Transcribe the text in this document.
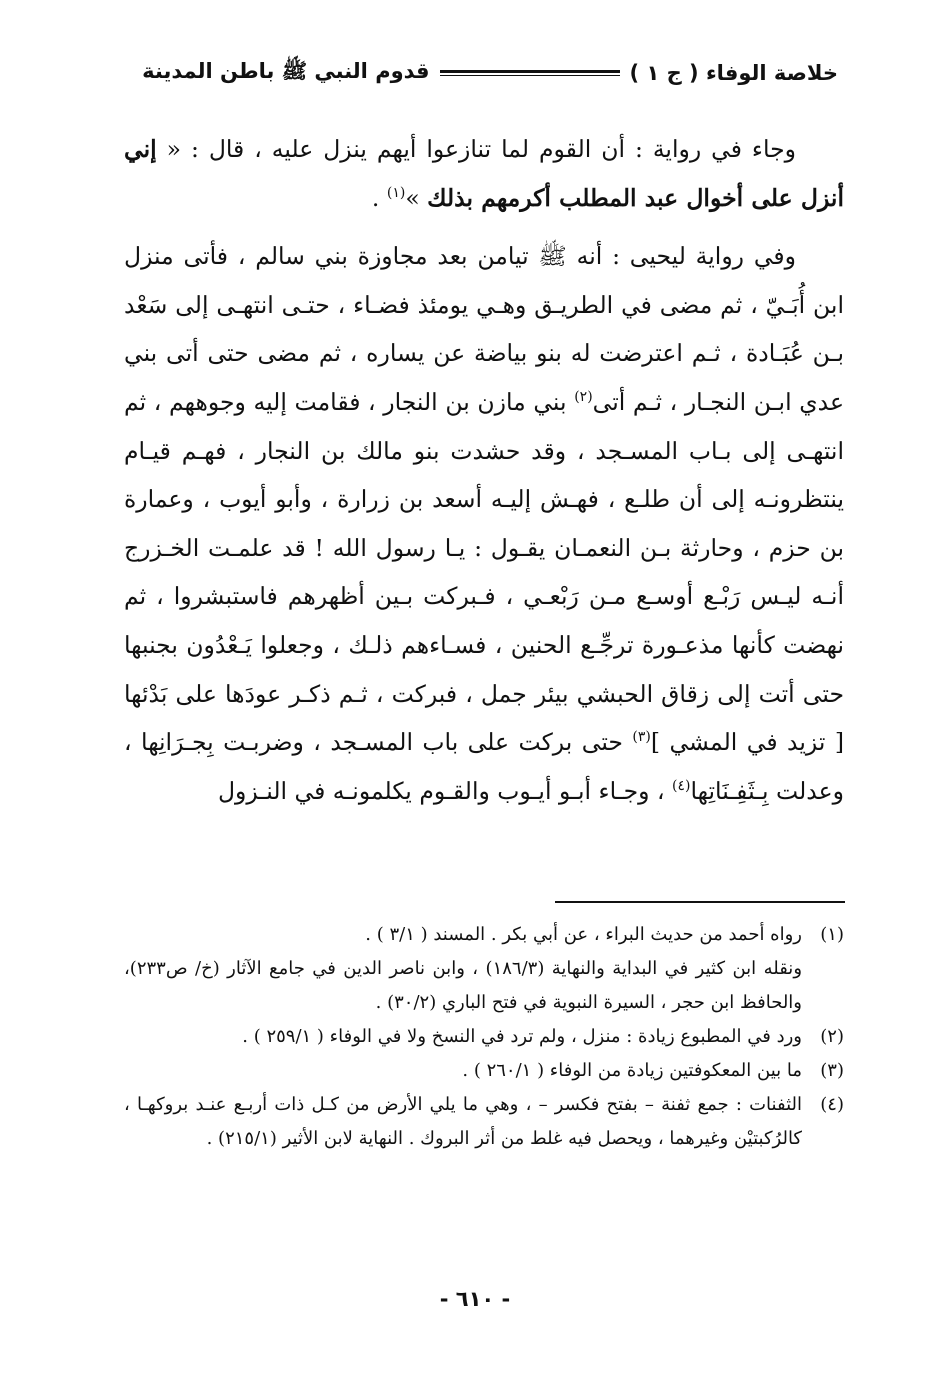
خلاصة الوفاء ( ج ١ )
قدوم النبي ﷺ باطن المدينة

وجاء في رواية : أن القوم لما تنازعوا أيهم ينزل عليه ، قال : « إني أنزل على أخوال عبد المطلب أكرمهم بذلك »$^{(١)}$ .

وفي رواية ليحيى : أنه ﷺ تيامن بعد مجاوزة بني سالم ، فأتى منزل ابن أُبَـيّ ، ثم مضى في الطريـق وهـي يومئذ فضـاء ، حتـى انتهـى إلى سَعْد بـن عُبَـادة ، ثـم اعترضت له بنو بياضة عن يساره ، ثم مضى حتى أتى بني عدي ابـن النجـار ، ثـم أتى$^{(٢)}$ بني مازن بن النجار ، فقامت إليه وجوههم ، ثم انتهـى إلى بـاب المسـجد ، وقد حشدت بنو مالك بن النجار ، فهـم قيـام ينتظرونـه إلى أن طلـع ، فهـش إليـه أسعد بن زرارة ، وأبو أيوب ، وعمارة بن حزم ، وحارثة بـن النعمـان يقـول : يـا رسول الله ! قد علمـت الخـزرج أنـه ليـس رَبْـع أوسـع مـن رَبْعـي ، فـبركت بـين أظهرهم فاستبشروا ، ثم نهضت كأنها مذعـورة ترجِّـع الحنين ، فسـاءهم ذلـك ، وجعلوا يَـعْدُون بجنبها حتى أتت إلى زقاق الحبشي بيئر جمل ، فبركت ، ثـم ذكـر عودَها على بَدْئها [ تزيد في المشي ]$^{(٣)}$ حتى بركت على باب المسـجد ، وضربـت بِجـرَانِها ، وعدلت بِـثَفِـنَاتِها$^{(٤)}$ ، وجـاء أبـو أيـوب والقـوم يكلمونـه في النـزول

(١)
رواه أحمد من حديث البراء ، عن أبي بكر . المسند ( ٣/١ ) .
ونقله ابن كثير في البداية والنهاية (١٨٦/٣) ، وابن ناصر الدين في جامع الآثار (خ/ ص٢٣٣)، والحافظ ابن حجر ، السيرة النبوية في فتح الباري (٣٠/٢) .
(٢)
ورد في المطبوع زيادة : منزل ، ولم ترد في النسخ ولا في الوفاء ( ٢٥٩/١ ) .
(٣)
ما بين المعكوفتين زيادة من الوفاء ( ٢٦٠/١ ) .
(٤)
الثفنات : جمع ثفنة – بفتح فكسر – ، وهي ما يلي الأرض من كـل ذات أربـع عنـد بروكهـا ، كالرُكبتيْن وغيرهما ، ويحصل فيه غلط من أثر البروك . النهاية لابن الأثير (٢١٥/١) .
- ٦١٠ -
